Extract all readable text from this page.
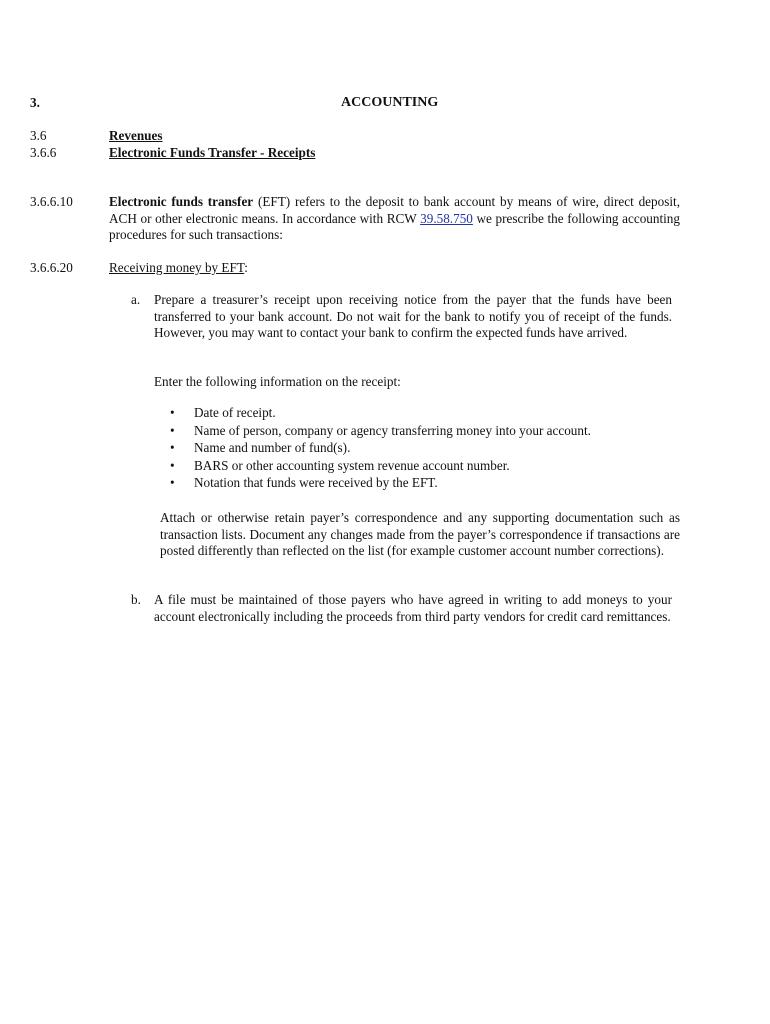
3.	ACCOUNTING
3.6	Revenues
3.6.6	Electronic Funds Transfer - Receipts
3.6.6.10	Electronic funds transfer (EFT) refers to the deposit to bank account by means of wire, direct deposit, ACH or other electronic means. In accordance with RCW 39.58.750 we prescribe the following accounting procedures for such transactions:
3.6.6.20	Receiving money by EFT:
a. Prepare a treasurer’s receipt upon receiving notice from the payer that the funds have been transferred to your bank account. Do not wait for the bank to notify you of receipt of the funds. However, you may want to contact your bank to confirm the expected funds have arrived.
Enter the following information on the receipt:
• Date of receipt.
• Name of person, company or agency transferring money into your account.
• Name and number of fund(s).
• BARS or other accounting system revenue account number.
• Notation that funds were received by the EFT.
Attach or otherwise retain payer’s correspondence and any supporting documentation such as transaction lists. Document any changes made from the payer’s correspondence if transactions are posted differently than reflected on the list (for example customer account number corrections).
b. A file must be maintained of those payers who have agreed in writing to add moneys to your account electronically including the proceeds from third party vendors for credit card remittances.
